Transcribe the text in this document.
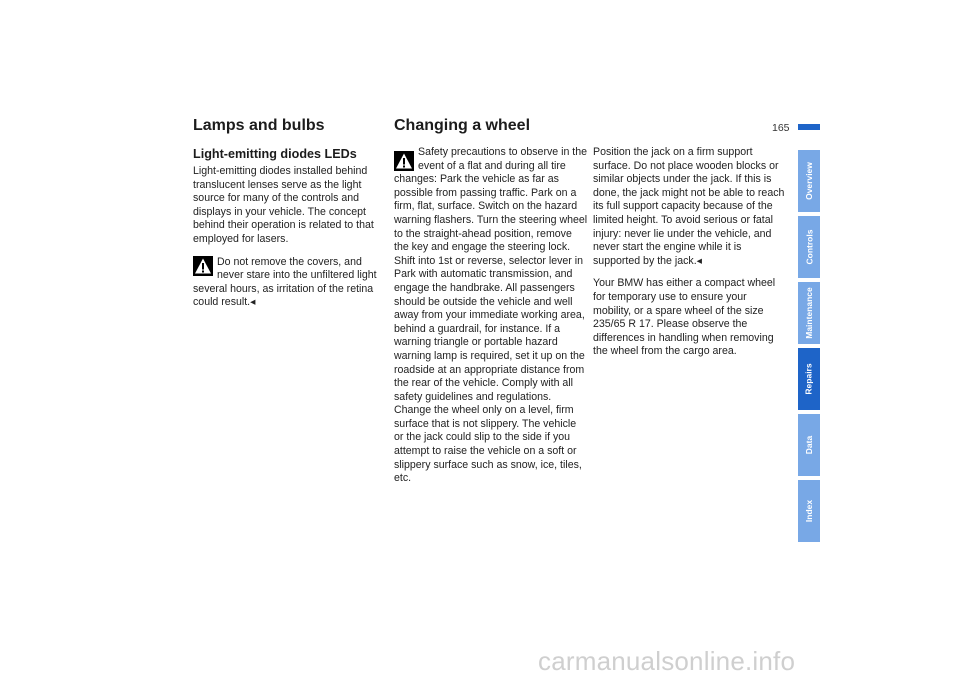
Lamps and bulbs	Changing a wheel	165
Light-emitting diodes LEDs

Light-emitting diodes installed behind translucent lenses serve as the light source for many of the controls and displays in your vehicle. The concept behind their operation is related to that employed for lasers.

Do not remove the covers, and never stare into the unfiltered light several hours, as irritation of the retina could result.◂

Safety precautions to observe in the event of a flat and during all tire changes: Park the vehicle as far as possible from passing traffic. Park on a firm, flat, surface. Switch on the hazard warning flashers. Turn the steering wheel to the straight-ahead position, remove the key and engage the steering lock. Shift into 1st or reverse, selector lever in Park with automatic transmission, and engage the handbrake. All passengers should be outside the vehicle and well away from your immediate working area, behind a guardrail, for instance. If a warning triangle or portable hazard warning lamp is required, set it up on the roadside at an appropriate distance from the rear of the vehicle. Comply with all safety guidelines and regulations. Change the wheel only on a level, firm surface that is not slippery. The vehicle or the jack could slip to the side if you attempt to raise the vehicle on a soft or slippery surface such as snow, ice, tiles, etc.

Position the jack on a firm support surface. Do not place wooden blocks or similar objects under the jack. If this is done, the jack might not be able to reach its full support capacity because of the limited height. To avoid serious or fatal injury: never lie under the vehicle, and never start the engine while it is supported by the jack.◂

Your BMW has either a compact wheel for temporary use to ensure your mobility, or a spare wheel of the size 235/65 R 17. Please observe the differences in handling when removing the wheel from the cargo area.

Overview
Controls
Maintenance
Repairs
Data
Index
carmanualsonline.info
